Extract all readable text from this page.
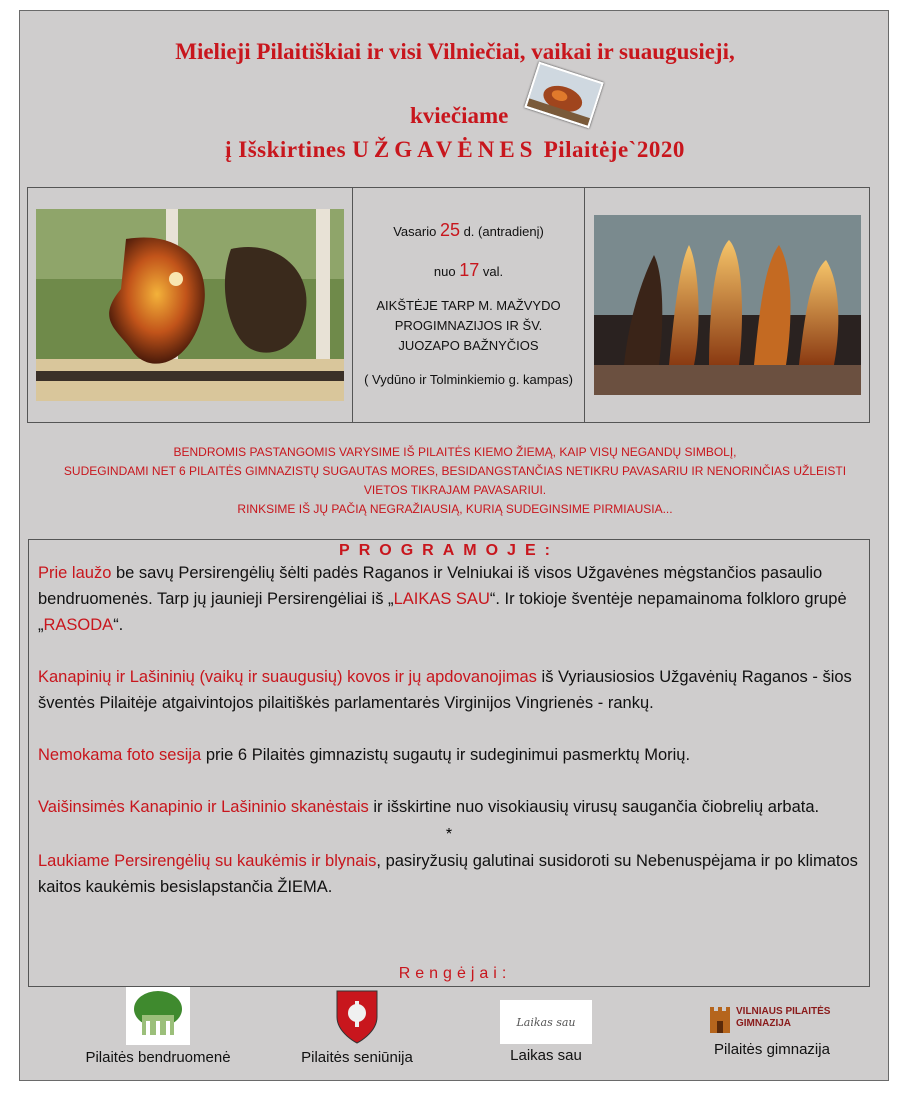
Mielieji Pilaitiškiai ir visi Vilniečiai, vaikai ir suaugusieji,
kviečiame
į Išskirtines UŽGAVĖNES Pilaitėje`2020

Vasario 25 d. (antradienį)

nuo 17 val.

AIKŠTĖJE TARP M. MAŽVYDO PROGIMNAZIJOS IR ŠV. JUOZAPO BAŽNYČIOS

( Vydūno ir Tolminkiemio g. kampas)

BENDROMIS PASTANGOMIS VARYSIME IŠ PILAITĖS KIEMO ŽIEMĄ, KAIP VISŲ NEGANDŲ SIMBOLĮ,
SUDEGINDAMI NET 6 PILAITĖS GIMNAZISTŲ SUGAUTAS MORES, BESIDANGSTANČIAS NETIKRU PAVASARIU IR NENORINČIAS UŽLEISTI
VIETOS TIKRAJAM PAVASARIUI.
RINKSIME IŠ JŲ PAČIĄ NEGRAŽIAUSIĄ, KURIĄ SUDEGINSIME PIRMIAUSIA...
PROGRAMOJE:

Prie laužo be savų Persirengėlių šėlti padės Raganos ir Velniukai iš visos Užgavėnes mėgstančios pasaulio bendruomenės. Tarp jų jaunieji Persirengėliai iš „LAIKAS SAU“. Ir tokioje šventėje nepamainoma folkloro grupė „RASODA“.

Kanapinių ir Lašininių (vaikų ir suaugusių) kovos ir jų apdovanojimas iš Vyriausiosios Užgavėnių Raganos - šios šventės Pilaitėje atgaivintojos pilaitiškės parlamentarės Virginijos Vingrienės - rankų.

Nemokama foto sesija prie 6 Pilaitės gimnazistų sugautų ir sudeginimui pasmerktų Morių.

Vaišinsimės Kanapinio ir Lašininio skanėstais ir išskirtine nuo visokiausių virusų saugančia čiobrelių arbata.

*

Laukiame Persirengėlių su kaukėmis ir blynais, pasiryžusių galutinai susidoroti su Nebenuspėjama ir po klimatos kaitos kaukėmis besislapstančia ŽIEMA.

Rengėjai:
Pilaitės bendruomenė	Pilaitės seniūnija
Laikas sau
Laikas sau
VILNIAUS PILAITĖS GIMNAZIJA
Pilaitės gimnazija
